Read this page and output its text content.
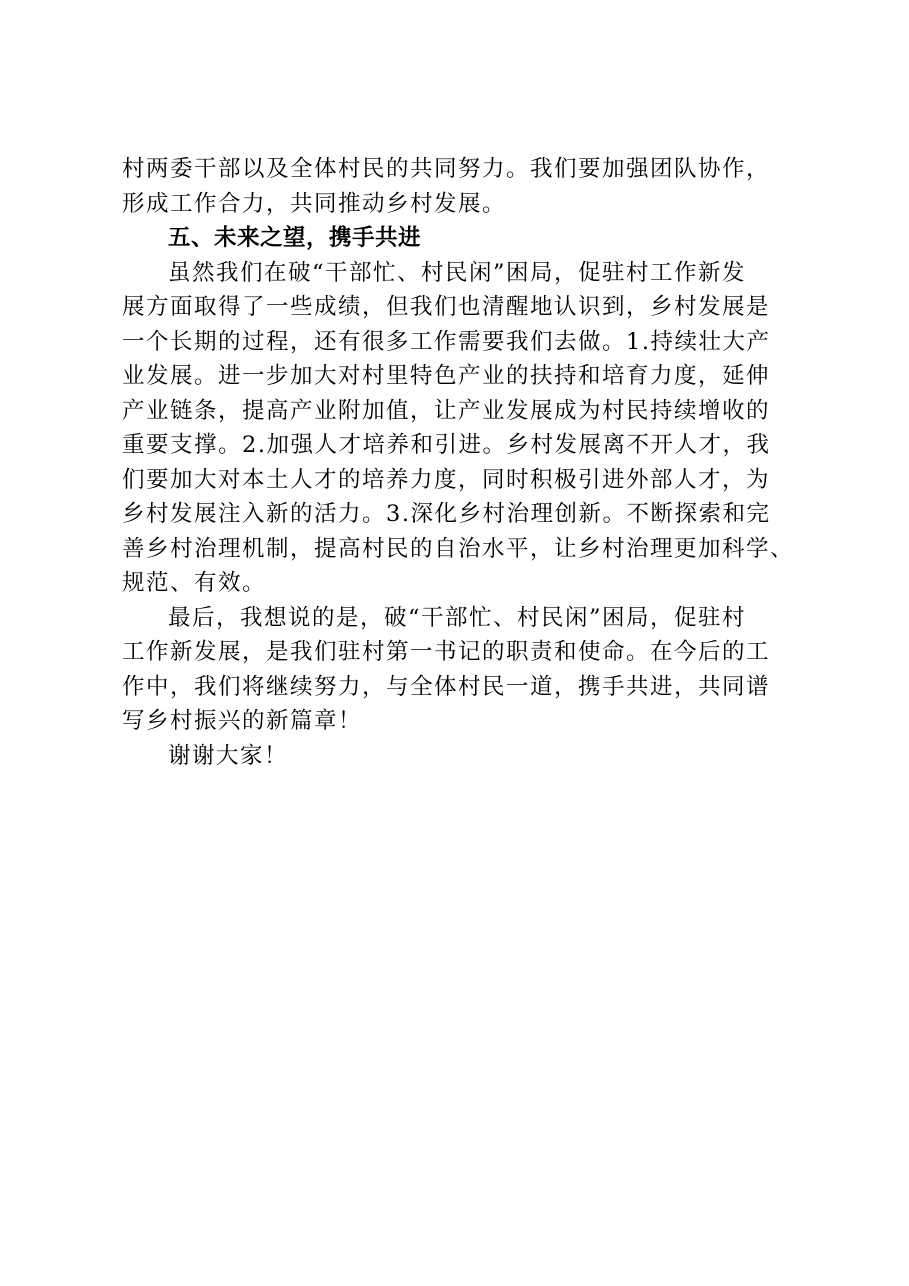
村两委干部以及全体村民的共同努力。我们要加强团队协作，
形成工作合力，共同推动乡村发展。
五、未来之望，携手共进
虽然我们在破“干部忙、村民闲”困局，促驻村工作新发
展方面取得了一些成绩，但我们也清醒地认识到，乡村发展是
一个长期的过程，还有很多工作需要我们去做。1.持续壮大产
业发展。进一步加大对村里特色产业的扶持和培育力度，延伸
产业链条，提高产业附加值，让产业发展成为村民持续增收的
重要支撑。2.加强人才培养和引进。乡村发展离不开人才，我
们要加大对本土人才的培养力度，同时积极引进外部人才，为
乡村发展注入新的活力。3.深化乡村治理创新。不断探索和完
善乡村治理机制，提高村民的自治水平，让乡村治理更加科学、
规范、有效。
最后，我想说的是，破“干部忙、村民闲”困局，促驻村
工作新发展，是我们驻村第一书记的职责和使命。在今后的工
作中，我们将继续努力，与全体村民一道，携手共进，共同谱
写乡村振兴的新篇章！
谢谢大家！
